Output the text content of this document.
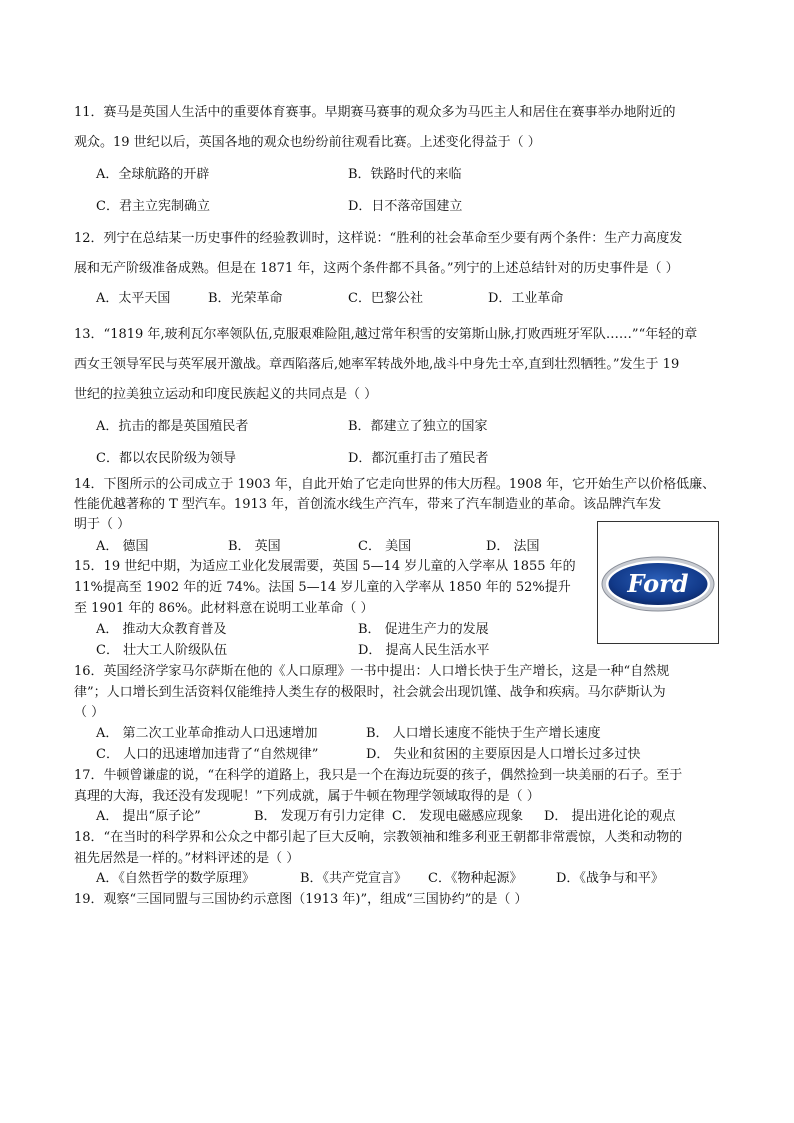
11．赛马是英国人生活中的重要体育赛事。早期赛马赛事的观众多为马匹主人和居住在赛事举办地附近的
观众。19 世纪以后，英国各地的观众也纷纷前往观看比赛。上述变化得益于（ ）
A．全球航路的开辟	B．铁路时代的来临
C．君主立宪制确立	D．日不落帝国建立
12．列宁在总结某一历史事件的经验教训时，这样说：“胜利的社会革命至少要有两个条件：生产力高度发
展和无产阶级准备成熟。但是在 1871 年，这两个条件都不具备。”列宁的上述总结针对的历史事件是（ ）
A．太平天国	B．光荣革命	C．巴黎公社	D．工业革命
13．“1819 年,玻利瓦尔率领队伍,克服艰难险阻,越过常年积雪的安第斯山脉,打败西班牙军队……”“年轻的章
西女王领导军民与英军展开激战。章西陷落后,她率军转战外地,战斗中身先士卒,直到壮烈牺牲。”发生于 19
世纪的拉美独立运动和印度民族起义的共同点是（ ）
A．抗击的都是英国殖民者	B．都建立了独立的国家
C．都以农民阶级为领导	D．都沉重打击了殖民者
14．下图所示的公司成立于 1903 年，自此开始了它走向世界的伟大历程。1908 年，它开始生产以价格低廉、
性能优越著称的 T 型汽车。1913 年，首创流水线生产汽车，带来了汽车制造业的革命。该品牌汽车发
明于（ ）
A． 德国	B． 英国	C． 美国	D． 法国
Ford
15．19 世纪中期，为适应工业化发展需要，英国 5—14 岁儿童的入学率从 1855 年的
11%提高至 1902 年的近 74%。法国 5—14 岁儿童的入学率从 1850 年的 52%提升
至 1901 年的 86%。此材料意在说明工业革命（ ）
A． 推动大众教育普及	B． 促进生产力的发展
C． 壮大工人阶级队伍	D． 提高人民生活水平
16．英国经济学家马尔萨斯在他的《人口原理》一书中提出：人口增长快于生产增长，这是一种“自然规
律”；人口增长到生活资料仅能维持人类生存的极限时，社会就会出现饥馑、战争和疾病。马尔萨斯认为
（ ）
A． 第二次工业革命推动人口迅速增加	B． 人口增长速度不能快于生产增长速度
C． 人口的迅速增加违背了“自然规律”	D． 失业和贫困的主要原因是人口增长过多过快
17．牛顿曾谦虚的说，“在科学的道路上，我只是一个在海边玩耍的孩子，偶然捡到一块美丽的石子。至于
真理的大海，我还没有发现呢！”下列成就，属于牛顿在物理学领域取得的是（ ）
A． 提出“原子论”	B． 发现万有引力定律 C． 发现电磁感应现象 D． 提出进化论的观点
18．“在当时的科学界和公众之中都引起了巨大反响，宗教领袖和维多利亚王朝都非常震惊，人类和动物的
祖先居然是一样的。”材料评述的是（ ）
A．《自然哲学的数学原理》	B．《共产党宣言》 C．《物种起源》	D．《战争与和平》
19．观察“三国同盟与三国协约示意图（1913 年)”，组成“三国协约”的是（ ）
